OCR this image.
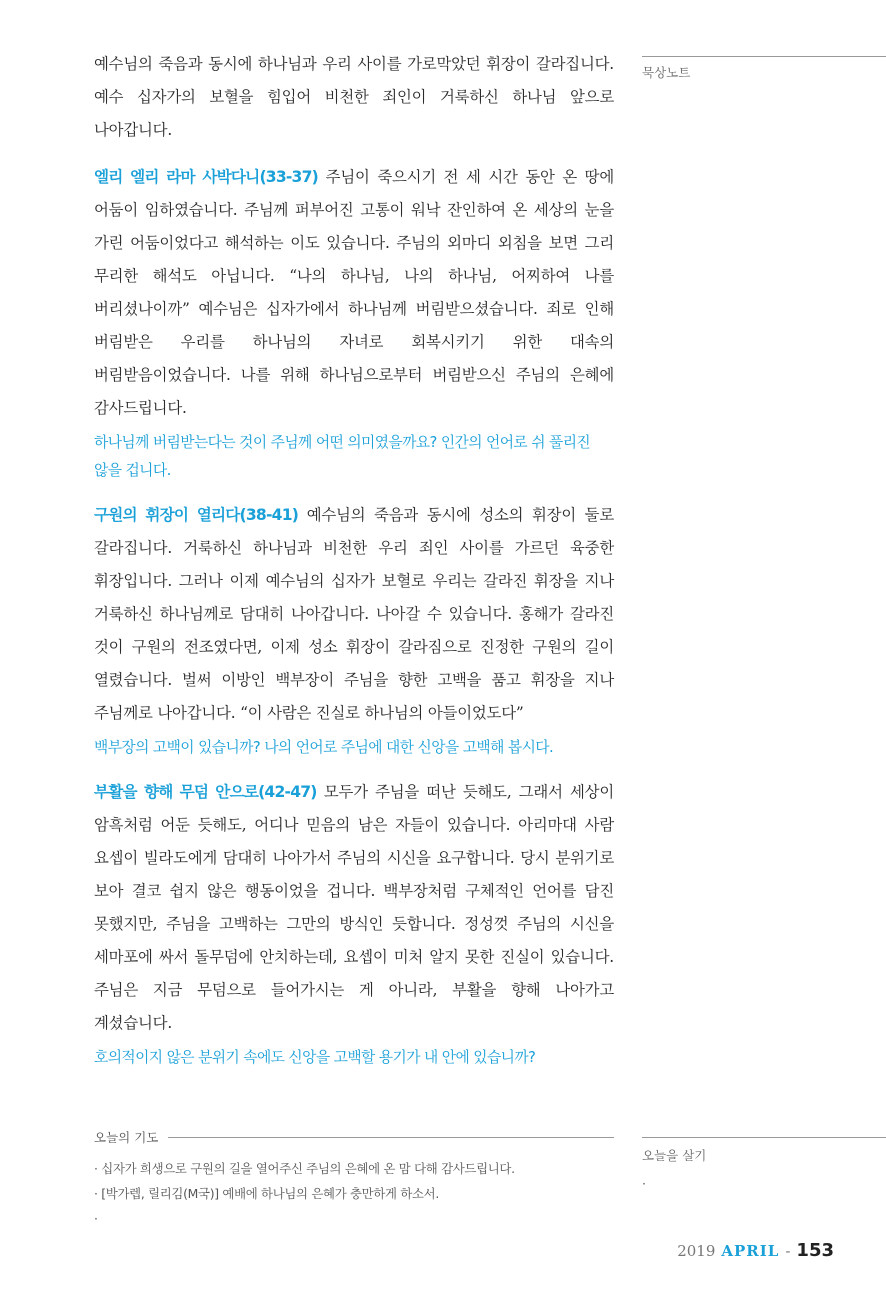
예수님의 죽음과 동시에 하나님과 우리 사이를 가로막았던 휘장이 갈라집니다. 예수 십자가의 보혈을 힘입어 비천한 죄인이 거룩하신 하나님 앞으로 나아갑니다.

엘리 엘리 라마 사박다니(33-37) 주님이 죽으시기 전 세 시간 동안 온 땅에 어둠이 임하였습니다. 주님께 퍼부어진 고통이 워낙 잔인하여 온 세상의 눈을 가린 어둠이었다고 해석하는 이도 있습니다. 주님의 외마디 외침을 보면 그리 무리한 해석도 아닙니다. “나의 하나님, 나의 하나님, 어찌하여 나를 버리셨나이까” 예수님은 십자가에서 하나님께 버림받으셨습니다. 죄로 인해 버림받은 우리를 하나님의 자녀로 회복시키기 위한 대속의 버림받음이었습니다. 나를 위해 하나님으로부터 버림받으신 주님의 은혜에 감사드립니다.

하나님께 버림받는다는 것이 주님께 어떤 의미였을까요? 인간의 언어로 쉬 풀리진 않을 겁니다.

구원의 휘장이 열리다(38-41) 예수님의 죽음과 동시에 성소의 휘장이 둘로 갈라집니다. 거룩하신 하나님과 비천한 우리 죄인 사이를 가르던 육중한 휘장입니다. 그러나 이제 예수님의 십자가 보혈로 우리는 갈라진 휘장을 지나 거룩하신 하나님께로 담대히 나아갑니다. 나아갈 수 있습니다. 홍해가 갈라진 것이 구원의 전조였다면, 이제 성소 휘장이 갈라짐으로 진정한 구원의 길이 열렸습니다. 벌써 이방인 백부장이 주님을 향한 고백을 품고 휘장을 지나 주님께로 나아갑니다. “이 사람은 진실로 하나님의 아들이었도다”

백부장의 고백이 있습니까? 나의 언어로 주님에 대한 신앙을 고백해 봅시다.

부활을 향해 무덤 안으로(42-47) 모두가 주님을 떠난 듯해도, 그래서 세상이 암흑처럼 어둔 듯해도, 어디나 믿음의 남은 자들이 있습니다. 아리마대 사람 요셉이 빌라도에게 담대히 나아가서 주님의 시신을 요구합니다. 당시 분위기로 보아 결코 쉽지 않은 행동이었을 겁니다. 백부장처럼 구체적인 언어를 담진 못했지만, 주님을 고백하는 그만의 방식인 듯합니다. 정성껏 주님의 시신을 세마포에 싸서 돌무덤에 안치하는데, 요셉이 미처 알지 못한 진실이 있습니다. 주님은 지금 무덤으로 들어가시는 게 아니라, 부활을 향해 나아가고 계셨습니다.

호의적이지 않은 분위기 속에도 신앙을 고백할 용기가 내 안에 있습니까?

묵상노트
오늘을 살기
·
오늘의 기도
· 십자가 희생으로 구원의 길을 열어주신 주님의 은혜에 온 맘 다해 감사드립니다.
· [박가렙, 릴리김(M국)] 예배에 하나님의 은혜가 충만하게 하소서.
·
2019 APRIL - 153
